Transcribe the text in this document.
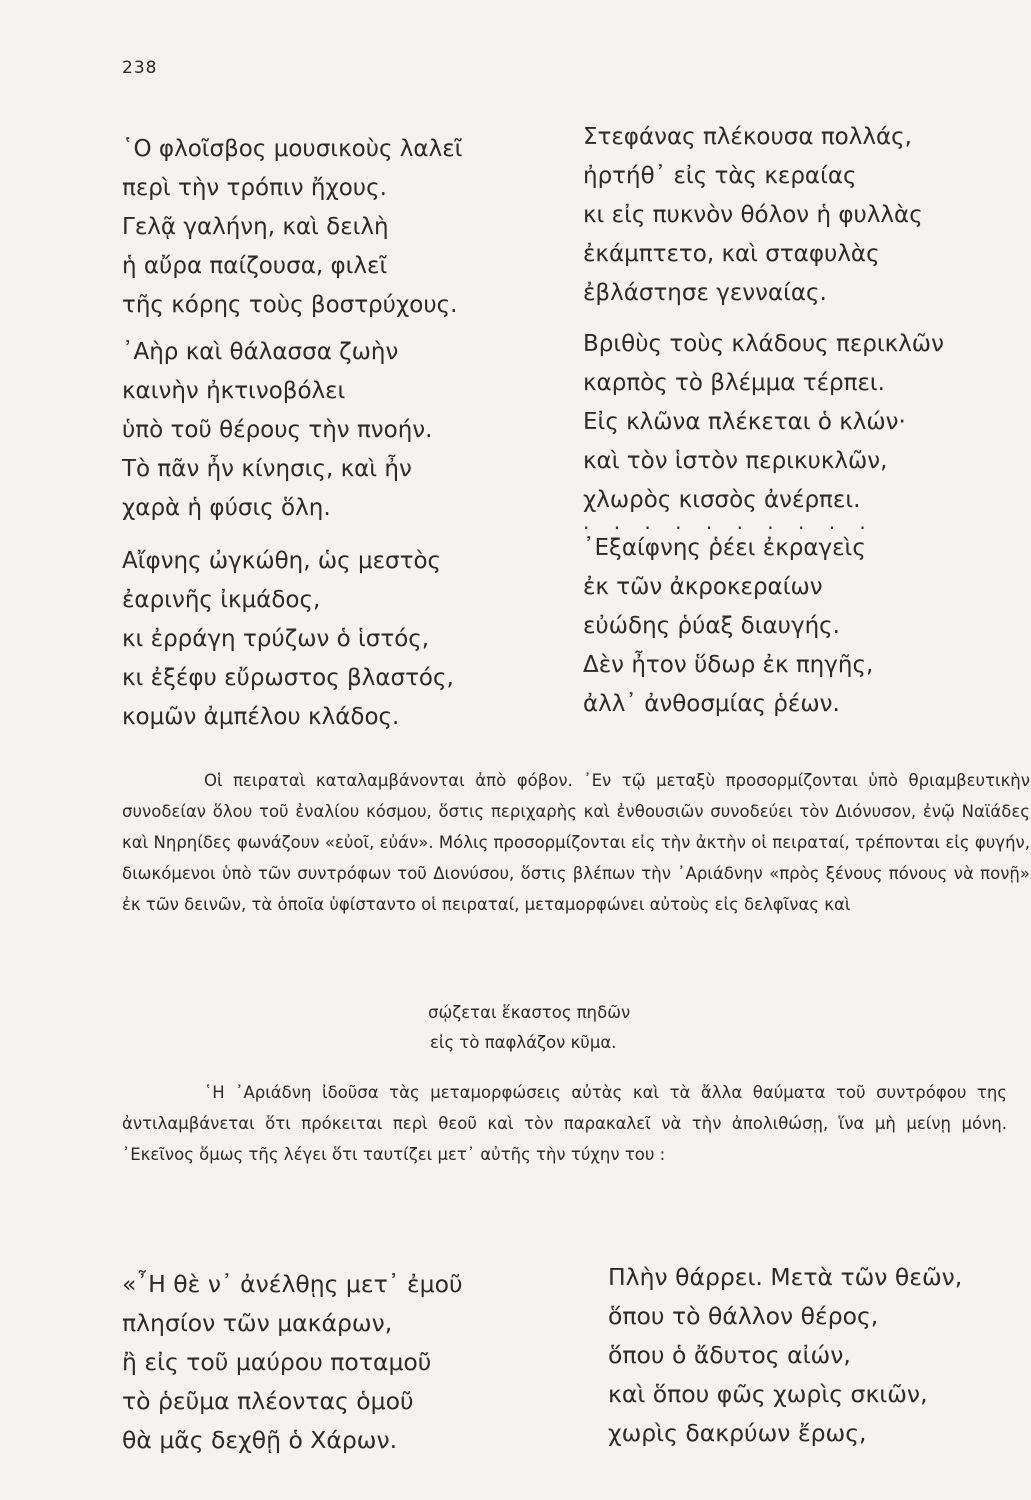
238
῾Ο φλοῖσβος μουσικοὺς λαλεῖ
περὶ τὴν τρόπιν ἤχους.
Γελᾷ γαλήνη, καὶ δειλὴ
ἡ αὔρα παίζουσα, φιλεῖ
τῆς κόρης τοὺς βοστρύχους.
᾿Αὴρ καὶ θάλασσα ζωὴν
καινὴν ἠκτινοβόλει
ὑπὸ τοῦ θέρους τὴν πνοήν.
Τὸ πᾶν ἦν κίνησις, καὶ ἦν
χαρὰ ἡ φύσις ὅλη.
Αἴφνης ὠγκώθη, ὡς μεστὸς
ἐαρινῆς ἰκμάδος,
κι ἐρράγη τρύζων ὁ ἱστός,
κι ἐξέφυ εὔρωστος βλαστός,
κομῶν ἀμπέλου κλάδος.
Στεφάνας πλέκουσα πολλάς,
ἠρτήθ᾿ εἰς τὰς κεραίας
κι εἰς πυκνὸν θόλον ἡ φυλλὰς
ἐκάμπτετο, καὶ σταφυλὰς
ἐβλάστησε γενναίας.
Βριθὺς τοὺς κλάδους περικλῶν
καρπὸς τὸ βλέμμα τέρπει.
Εἰς κλῶνα πλέκεται ὁ κλών·
καὶ τὸν ἱστὸν περικυκλῶν,
χλωρὸς κισσὸς ἀνέρπει.
. . . . . . . . . .
᾿Εξαίφνης ῥέει ἐκραγεὶς
ἐκ τῶν ἀκροκεραίων
εὐώδης ῥύαξ διαυγής.
Δὲν ἦτον ὕδωρ ἐκ πηγῆς,
ἀλλ᾿ ἀνθοσμίας ῥέων.
Οἱ πειραταὶ καταλαμβάνονται ἀπὸ φόβον. ᾿Εν τῷ μεταξὺ προσορμίζονται ὑπὸ θριαμβευτικὴν συνοδείαν ὅλου τοῦ ἐναλίου κόσμου, ὅστις περιχαρὴς καὶ ἐνθουσιῶν συνοδεύει τὸν Διόνυσον, ἐνῷ Ναϊάδες καὶ Νηρηίδες φωνάζουν «εὐοῖ, εὐάν». Μόλις προσορμίζονται εἰς τὴν ἀκτὴν οἱ πειραταί, τρέπονται εἰς φυγήν, διωκόμενοι ὑπὸ τῶν συντρόφων τοῦ Διονύσου, ὅστις βλέπων τὴν ᾿Αριάδνην «πρὸς ξένους πόνους νὰ πονῇ» ἐκ τῶν δεινῶν, τὰ ὁποῖα ὑφίσταντο οἱ πειραταί, μεταμορφώνει αὐτοὺς εἰς δελφῖνας καὶ
σῴζεται ἕκαστος πηδῶν
εἰς τὸ παφλάζον κῦμα.
῾Η ᾿Αριάδνη ἰδοῦσα τὰς μεταμορφώσεις αὐτὰς καὶ τὰ ἄλλα θαύματα τοῦ συντρόφου της ἀντιλαμβάνεται ὅτι πρόκειται περὶ θεοῦ καὶ τὸν παρακαλεῖ νὰ τὴν ἀπολιθώσῃ, ἵνα μὴ μείνῃ μόνη. ᾿Εκεῖνος ὅμως τῆς λέγει ὅτι ταυτίζει μετ᾿ αὐτῆς τὴν τύχην του :
«῏Η θὲ ν᾿ ἀνέλθῃς μετ᾿ ἐμοῦ
πλησίον τῶν μακάρων,
ἢ εἰς τοῦ μαύρου ποταμοῦ
τὸ ῥεῦμα πλέοντας ὁμοῦ
θὰ μᾶς δεχθῇ ὁ Χάρων.
Πλὴν θάρρει. Μετὰ τῶν θεῶν,
ὅπου τὸ θάλλον θέρος,
ὅπου ὁ ἄδυτος αἰών,
καὶ ὅπου φῶς χωρὶς σκιῶν,
χωρὶς δακρύων ἔρως,
